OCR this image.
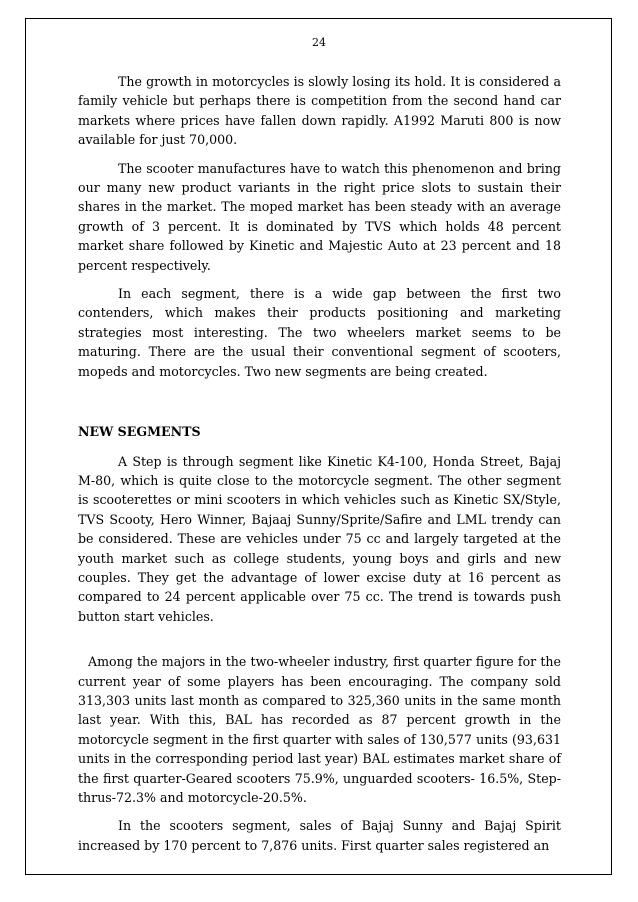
24

The growth in motorcycles is slowly losing its hold. It is considered a family vehicle but perhaps there is competition from the second hand car markets where prices have fallen down rapidly. A1992 Maruti 800 is now available for just 70,000.

The scooter manufactures have to watch this phenomenon and bring our many new product variants in the right price slots to sustain their shares in the market. The moped market has been steady with an average growth of 3 percent. It is dominated by TVS which holds 48 percent market share followed by Kinetic and Majestic Auto at 23 percent and 18 percent respectively.

In each segment, there is a wide gap between the first two contenders, which makes their products positioning and marketing strategies most interesting. The two wheelers market seems to be maturing. There are the usual their conventional segment of scooters, mopeds and motorcycles. Two new segments are being created.

NEW SEGMENTS

A Step is through segment like Kinetic K4-100, Honda Street, Bajaj M-80, which is quite close to the motorcycle segment. The other segment is scooterettes or mini scooters in which vehicles such as Kinetic SX/Style, TVS Scooty, Hero Winner, Bajaaj Sunny/Sprite/Safire and LML trendy can be considered. These are vehicles under 75 cc and largely targeted at the youth market such as college students, young boys and girls and new couples. They get the advantage of lower excise duty at 16 percent as compared to 24 percent applicable over 75 cc. The trend is towards push button start vehicles.

Among the majors in the two-wheeler industry, first quarter figure for the current year of some players has been encouraging. The company sold 313,303 units last month as compared to 325,360 units in the same month last year. With this, BAL has recorded as 87 percent growth in the motorcycle segment in the first quarter with sales of 130,577 units (93,631 units in the corresponding period last year) BAL estimates market share of the first quarter-Geared scooters 75.9%, unguarded scooters- 16.5%, Step-thrus-72.3% and motorcycle-20.5%.

In the scooters segment, sales of Bajaj Sunny and Bajaj Spirit increased by 170 percent to 7,876 units. First quarter sales registered an
